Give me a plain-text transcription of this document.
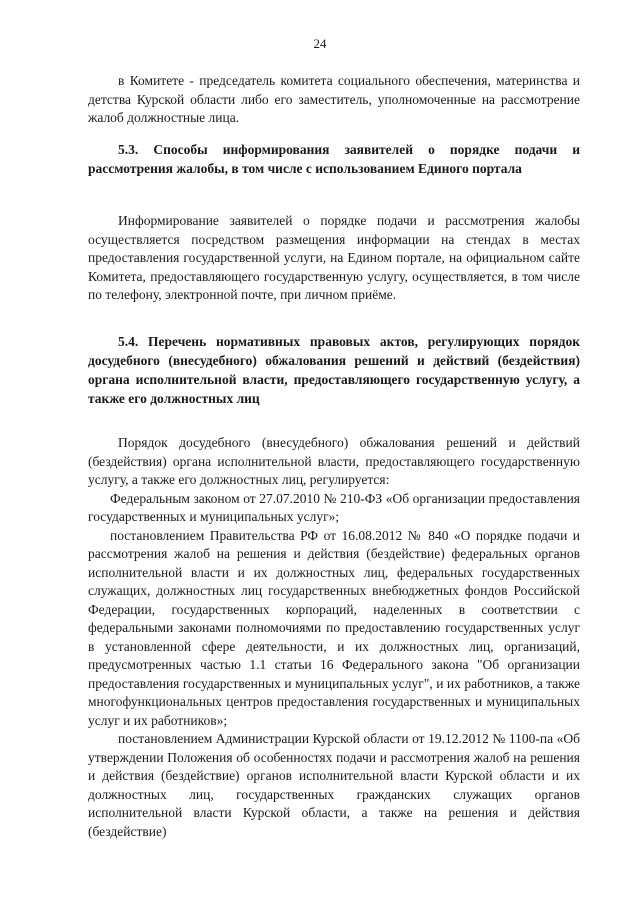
24

в Комитете - председатель комитета социального обеспечения, материнства и детства Курской области либо его заместитель, уполномоченные на рассмотрение жалоб должностные лица.

5.3. Способы информирования заявителей о порядке подачи и рассмотрения жалобы, в том числе с использованием Единого портала

Информирование заявителей о порядке подачи и рассмотрения жалобы осуществляется посредством размещения информации на стендах в местах предоставления государственной услуги, на Едином портале, на официальном сайте Комитета, предоставляющего государственную услугу, осуществляется, в том числе по телефону, электронной почте, при личном приёме.

5.4. Перечень нормативных правовых актов, регулирующих порядок досудебного (внесудебного) обжалования решений и действий (бездействия) органа исполнительной власти, предоставляющего государственную услугу, а также его должностных лиц

Порядок досудебного (внесудебного) обжалования решений и действий (бездействия) органа исполнительной власти, предоставляющего государственную услугу, а также его должностных лиц, регулируется:

Федеральным законом от 27.07.2010 № 210-ФЗ «Об организации предоставления государственных и муниципальных услуг»;

постановлением Правительства РФ от 16.08.2012 № 840 «О порядке подачи и рассмотрения жалоб на решения и действия (бездействие) федеральных органов исполнительной власти и их должностных лиц, федеральных государственных служащих, должностных лиц государственных внебюджетных фондов Российской Федерации, государственных корпораций, наделенных в соответствии с федеральными законами полномочиями по предоставлению государственных услуг в установленной сфере деятельности, и их должностных лиц, организаций, предусмотренных частью 1.1 статьи 16 Федерального закона "Об организации предоставления государственных и муниципальных услуг", и их работников, а также многофункциональных центров предоставления государственных и муниципальных услуг и их работников»;

постановлением Администрации Курской области от 19.12.2012 № 1100-па «Об утверждении Положения об особенностях подачи и рассмотрения жалоб на решения и действия (бездействие) органов исполнительной власти Курской области и их должностных лиц, государственных гражданских служащих органов исполнительной власти Курской области, а также на решения и действия (бездействие)
